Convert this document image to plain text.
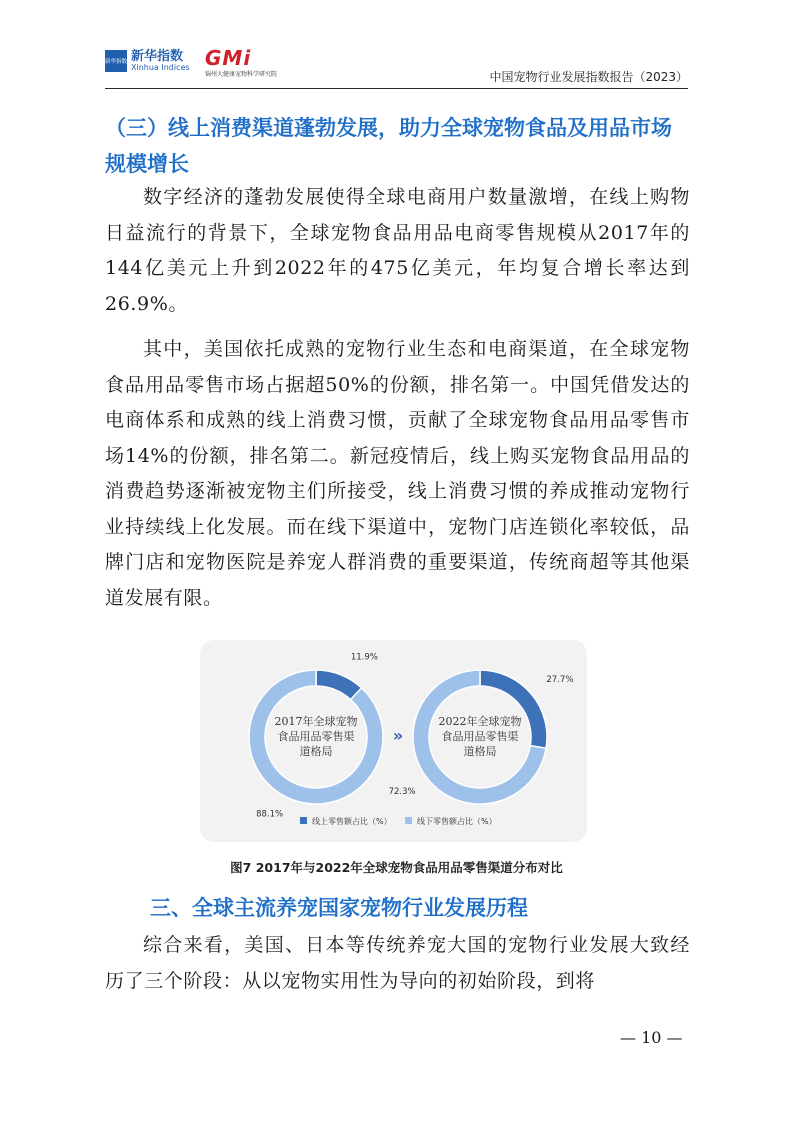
新华指数 新华指数
Xinhua Indices GMi
锦州大健康宠物科学研究院	中国宠物行业发展指数报告（2023）
（三）线上消费渠道蓬勃发展，助力全球宠物食品及用品市场规模增长
数字经济的蓬勃发展使得全球电商用户数量激增，在线上购物日益流行的背景下，全球宠物食品用品电商零售规模从2017年的144亿美元上升到2022年的475亿美元，年均复合增长率达到26.9%。
其中，美国依托成熟的宠物行业生态和电商渠道，在全球宠物食品用品零售市场占据超50%的份额，排名第一。中国凭借发达的电商体系和成熟的线上消费习惯，贡献了全球宠物食品用品零售市场14%的份额，排名第二。新冠疫情后，线上购买宠物食品用品的消费趋势逐渐被宠物主们所接受，线上消费习惯的养成推动宠物行业持续线上化发展。而在线下渠道中，宠物门店连锁化率较低，品牌门店和宠物医院是养宠人群消费的重要渠道，传统商超等其他渠道发展有限。
11.9%
88.1%
2017年全球宠物
食品用品零售渠
道格局
27.7%
72.3%
2022年全球宠物
食品用品零售渠
道格局
»
线上零售额占比（%）	线下零售额占比（%）
图7 2017年与2022年全球宠物食品用品零售渠道分布对比
三、全球主流养宠国家宠物行业发展历程
综合来看，美国、日本等传统养宠大国的宠物行业发展大致经历了三个阶段：从以宠物实用性为导向的初始阶段，到将
— 10 —
